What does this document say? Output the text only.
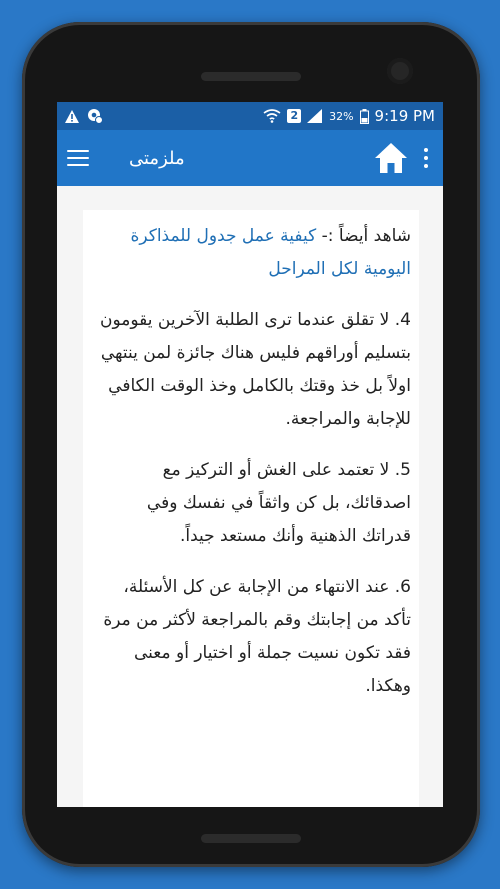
2	32% 9:19 PM
ملزمتى

شاهد أيضاً :- كيفية عمل جدول للمذاكرة اليومية لكل المراحل

4. لا تقلق عندما ترى الطلبة الآخرين يقومون بتسليم أوراقهم فليس هناك جائزة لمن ينتهي اولاً بل خذ وقتك بالكامل وخذ الوقت الكافي للإجابة والمراجعة.

5. لا تعتمد على الغش أو التركيز مع اصدقائك، بل كن واثقاً في نفسك وفي قدراتك الذهنية وأنك مستعد جيداً.

6. عند الانتهاء من الإجابة عن كل الأسئلة، تأكد من إجابتك وقم بالمراجعة لأكثر من مرة فقد تكون نسيت جملة أو اختيار أو معنى وهكذا.
